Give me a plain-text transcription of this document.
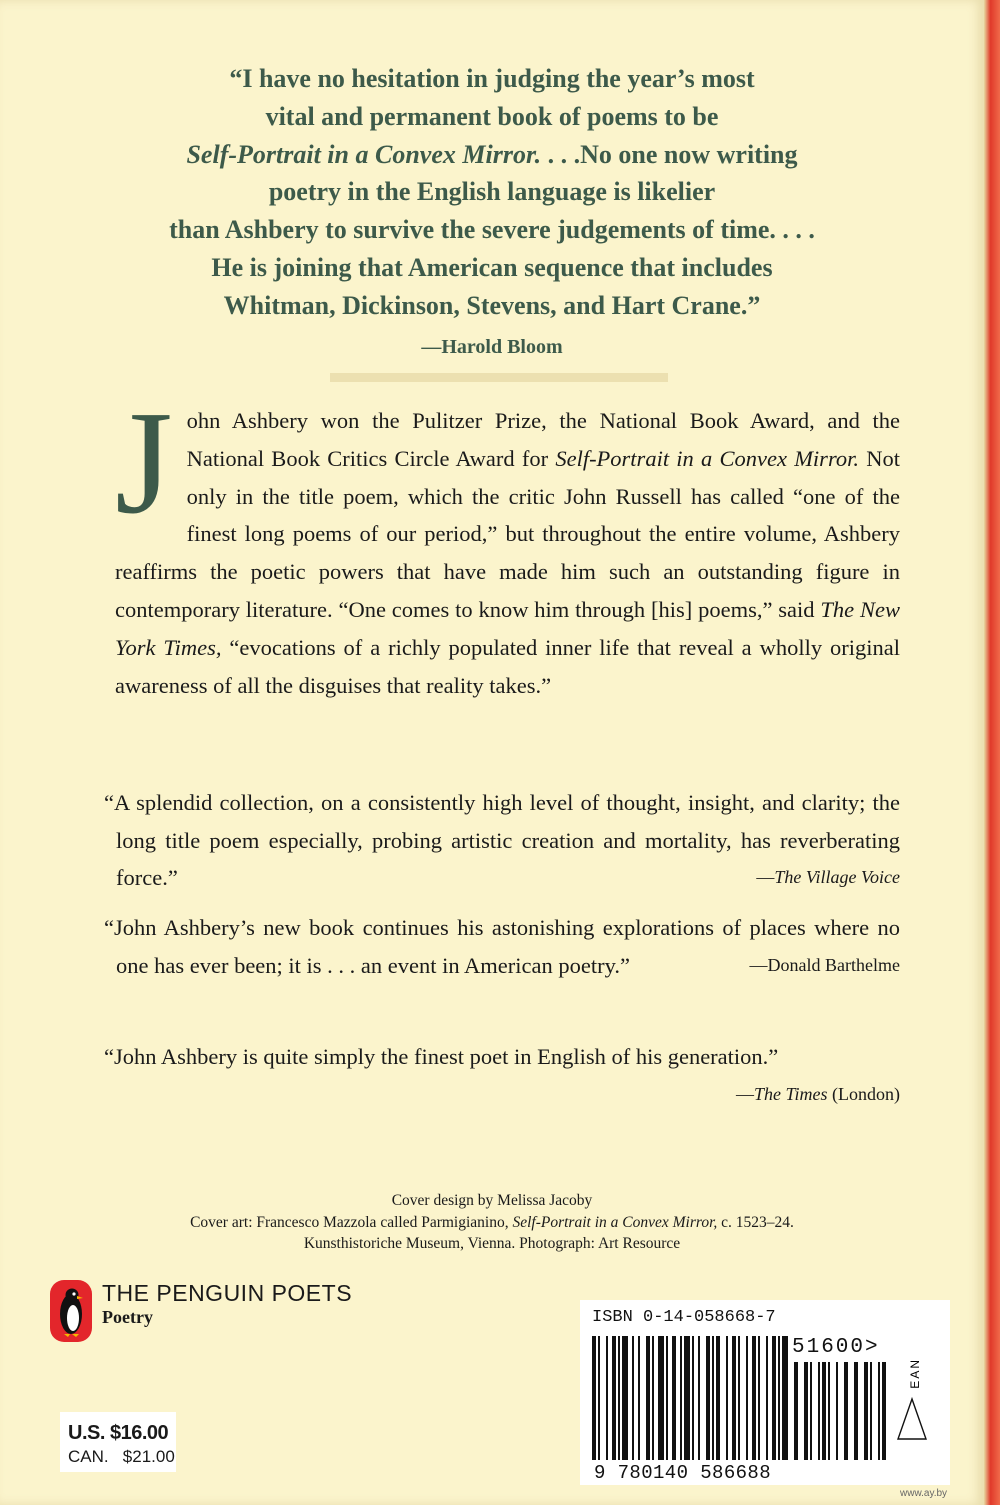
“I have no hesitation in judging the year’s most
vital and permanent book of poems to be
Self-Portrait in a Convex Mirror. . . .No one now writing
poetry in the English language is likelier
than Ashbery to survive the severe judgements of time. . . .
He is joining that American sequence that includes
Whitman, Dickinson, Stevens, and Hart Crane.”
—Harold Bloom
John Ashbery won the Pulitzer Prize, the National Book Award, and the National Book Critics Circle Award for Self-Portrait in a Convex Mirror. Not only in the title poem, which the critic John Russell has called “one of the finest long poems of our period,” but throughout the entire volume, Ashbery reaffirms the poetic powers that have made him such an outstanding figure in contemporary literature. “One comes to know him through [his] poems,” said The New York Times, “evocations of a richly populated inner life that reveal a wholly original awareness of all the disguises that reality takes.”
“A splendid collection, on a consistently high level of thought, insight, and clarity; the long title poem especially, probing artistic creation and mortality, has reverberating force.”	—The Village Voice
“John Ashbery’s new book continues his astonishing explorations of places where no one has ever been; it is . . . an event in American poetry.”	—Donald Barthelme
“John Ashbery is quite simply the finest poet in English of his generation.”
—The Times (London)
Cover design by Melissa Jacoby
Cover art: Francesco Mazzola called Parmigianino, Self-Portrait in a Convex Mirror, c. 1523–24.
Kunsthistoriche Museum, Vienna. Photograph: Art Resource
THE PENGUIN POETS
Poetry
U.S. $16.00
CAN.   $21.00
ISBN 0-14-058668-7
51600>
EAN
9 780140 586688
www.ay.by
